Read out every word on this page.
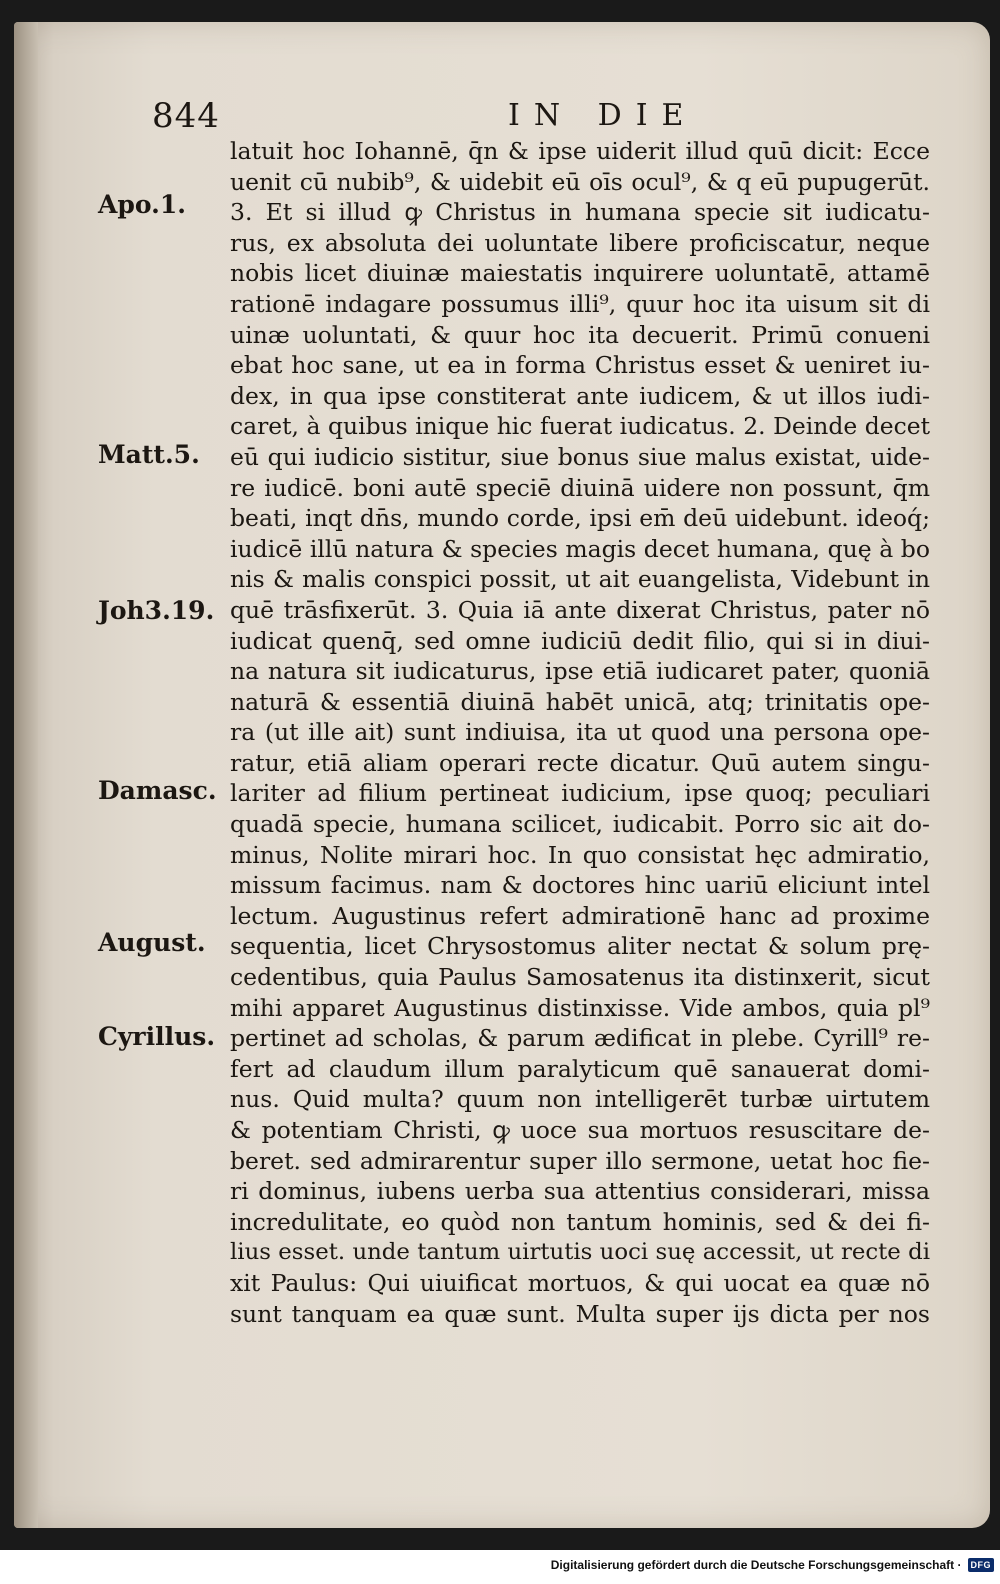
844	IN DIE
Apo.1.
Matt.5.
Joh3.19.
Damasc.
August.
Cyrillus.
latuit hoc Iohannē, q̄n & ipse uiderit illud quū dicit: Ecce
uenit cū nubib⁹, & uidebit eū oīs ocul⁹, & q eū pupugerūt.
3. Et si illud ꝙ Christus in humana specie sit iudicatu-
rus, ex absoluta dei uoluntate libere proficiscatur, neque
nobis licet diuinæ maiestatis inquirere uoluntatē, attamē
rationē indagare possumus illi⁹, quur hoc ita uisum sit di
uinæ uoluntati, & quur hoc ita decuerit. Primū conueni
ebat hoc sane, ut ea in forma Christus esset & ueniret iu-
dex, in qua ipse constiterat ante iudicem, & ut illos iudi-
caret, à quibus inique hic fuerat iudicatus. 2. Deinde decet
eū qui iudicio sistitur, siue bonus siue malus existat, uide-
re iudicē. boni autē speciē diuinā uidere non possunt, q̄m
beati, inqt dn̄s, mundo corde, ipsi em̄ deū uidebunt. ideoq́;
iudicē illū natura & species magis decet humana, quę à bo
nis & malis conspici possit, ut ait euangelista, Videbunt in
quē trāsfixerūt. 3. Quia iā ante dixerat Christus, pater nō
iudicat quenq̄, sed omne iudiciū dedit filio, qui si in diui-
na natura sit iudicaturus, ipse etiā iudicaret pater, quoniā
naturā & essentiā diuinā habēt unicā, atq; trinitatis ope-
ra (ut ille ait) sunt indiuisa, ita ut quod una persona ope-
ratur, etiā aliam operari recte dicatur. Quū autem singu-
lariter ad filium pertineat iudicium, ipse quoq; peculiari
quadā specie, humana scilicet, iudicabit. Porro sic ait do-
minus, Nolite mirari hoc. In quo consistat hęc admiratio,
missum facimus. nam & doctores hinc uariū eliciunt intel
lectum. Augustinus refert admirationē hanc ad proxime
sequentia, licet Chrysostomus aliter nectat & solum prę-
cedentibus, quia Paulus Samosatenus ita distinxerit, sicut
mihi apparet Augustinus distinxisse. Vide ambos, quia pl⁹
pertinet ad scholas, & parum ædificat in plebe. Cyrill⁹ re-
fert ad claudum illum paralyticum quē sanauerat domi-
nus. Quid multa? quum non intelligerēt turbæ uirtutem
& potentiam Christi, ꝙ uoce sua mortuos resuscitare de-
beret. sed admirarentur super illo sermone, uetat hoc fie-
ri dominus, iubens uerba sua attentius considerari, missa
incredulitate, eo quòd non tantum hominis, sed & dei fi-
lius esset. unde tantum uirtutis uoci suę accessit, ut recte di
xit Paulus: Qui uiuificat mortuos, & qui uocat ea quæ nō
sunt tanquam ea quæ sunt. Multa super ijs dicta per nos
Digitalisierung gefördert durch die Deutsche Forschungsgemeinschaft ·	DFG
